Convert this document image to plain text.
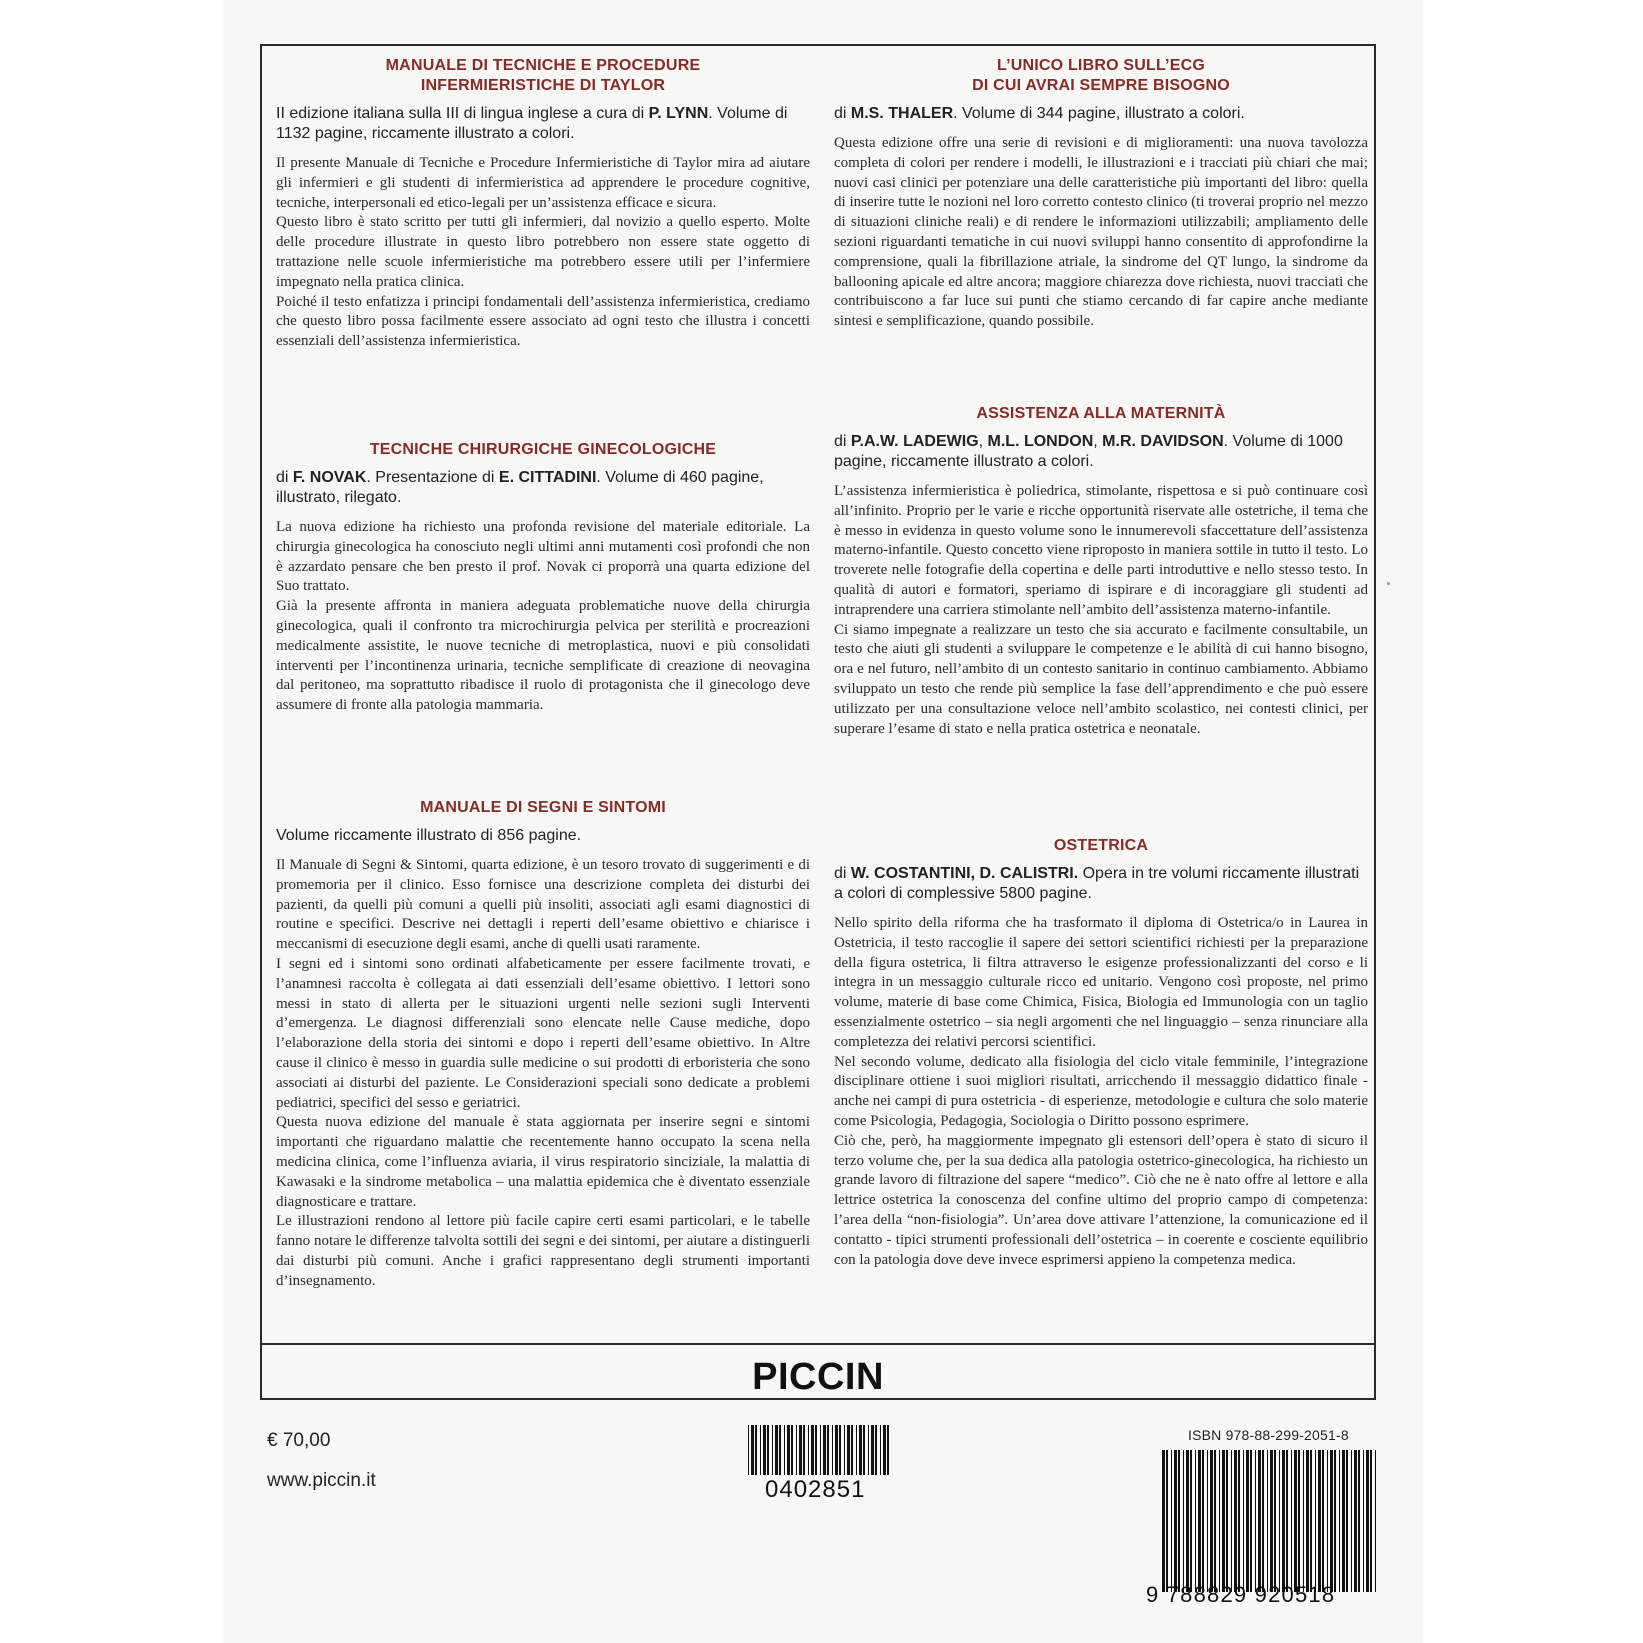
MANUALE DI TECNICHE E PROCEDURE
INFERMIERISTICHE DI TAYLOR
II edizione italiana sulla III di lingua inglese a cura di P. LYNN. Volume di 1132 pagine, riccamente illustrato a colori.

Il presente Manuale di Tecniche e Procedure Infermieristiche di Taylor mira ad aiutare gli infermieri e gli studenti di infermieristica ad apprendere le procedure cognitive, tecniche, interpersonali ed etico-legali per un’assistenza efficace e sicura.

Questo libro è stato scritto per tutti gli infermieri, dal novizio a quello esperto. Molte delle procedure illustrate in questo libro potrebbero non essere state oggetto di trattazione nelle scuole infermieristiche ma potrebbero essere utili per l’infermiere impegnato nella pratica clinica.

Poiché il testo enfatizza i principi fondamentali dell’assistenza infermieristica, crediamo che questo libro possa facilmente essere associato ad ogni testo che illustra i concetti essenziali dell’assistenza infermieristica.

TECNICHE CHIRURGICHE GINECOLOGICHE
di F. NOVAK. Presentazione di E. CITTADINI. Volume di 460 pagine, illustrato, rilegato.

La nuova edizione ha richiesto una profonda revisione del materiale editoriale. La chirurgia ginecologica ha conosciuto negli ultimi anni mutamenti così profondi che non è azzardato pensare che ben presto il prof. Novak ci proporrà una quarta edizione del Suo trattato.

Già la presente affronta in maniera adeguata problematiche nuove della chirurgia ginecologica, quali il confronto tra microchirurgia pelvica per sterilità e procreazioni medicalmente assistite, le nuove tecniche di metroplastica, nuovi e più consolidati interventi per l’incontinenza urinaria, tecniche semplificate di creazione di neovagina dal peritoneo, ma soprattutto ribadisce il ruolo di protagonista che il ginecologo deve assumere di fronte alla patologia mammaria.

MANUALE DI SEGNI E SINTOMI
Volume riccamente illustrato di 856 pagine.

Il Manuale di Segni & Sintomi, quarta edizione, è un tesoro trovato di suggerimenti e di promemoria per il clinico. Esso fornisce una descrizione completa dei disturbi dei pazienti, da quelli più comuni a quelli più insoliti, associati agli esami diagnostici di routine e specifici. Descrive nei dettagli i reperti dell’esame obiettivo e chiarisce i meccanismi di esecuzione degli esami, anche di quelli usati raramente.

I segni ed i sintomi sono ordinati alfabeticamente per essere facilmente trovati, e l’anamnesi raccolta è collegata ai dati essenziali dell’esame obiettivo. I lettori sono messi in stato di allerta per le situazioni urgenti nelle sezioni sugli Interventi d’emergenza. Le diagnosi differenziali sono elencate nelle Cause mediche, dopo l’elaborazione della storia dei sintomi e dopo i reperti dell’esame obiettivo. In Altre cause il clinico è messo in guardia sulle medicine o sui prodotti di erboristeria che sono associati ai disturbi del paziente. Le Considerazioni speciali sono dedicate a problemi pediatrici, specifici del sesso e geriatrici.

Questa nuova edizione del manuale è stata aggiornata per inserire segni e sintomi importanti che riguardano malattie che recentemente hanno occupato la scena nella medicina clinica, come l’influenza aviaria, il virus respiratorio sinciziale, la malattia di Kawasaki e la sindrome metabolica – una malattia epidemica che è diventato essenziale diagnosticare e trattare.

Le illustrazioni rendono al lettore più facile capire certi esami particolari, e le tabelle fanno notare le differenze talvolta sottili dei segni e dei sintomi, per aiutare a distinguerli dai disturbi più comuni. Anche i grafici rappresentano degli strumenti importanti d’insegnamento.

L’UNICO LIBRO SULL’ECG
DI CUI AVRAI SEMPRE BISOGNO
di M.S. THALER. Volume di 344 pagine, illustrato a colori.

Questa edizione offre una serie di revisioni e di miglioramenti: una nuova tavolozza completa di colori per rendere i modelli, le illustrazioni e i tracciati più chiari che mai; nuovi casi clinici per potenziare una delle caratteristiche più importanti del libro: quella di inserire tutte le nozioni nel loro corretto contesto clinico (ti troverai proprio nel mezzo di situazioni cliniche reali) e di rendere le informazioni utilizzabili; ampliamento delle sezioni riguardanti tematiche in cui nuovi sviluppi hanno consentito di approfondirne la comprensione, quali la fibrillazione atriale, la sindrome del QT lungo, la sindrome da ballooning apicale ed altre ancora; maggiore chiarezza dove richiesta, nuovi tracciati che contribuiscono a far luce sui punti che stiamo cercando di far capire anche mediante sintesi e semplificazione, quando possibile.

ASSISTENZA ALLA MATERNITÀ
di P.A.W. LADEWIG, M.L. LONDON, M.R. DAVIDSON. Volume di 1000 pagine, riccamente illustrato a colori.

L’assistenza infermieristica è poliedrica, stimolante, rispettosa e si può continuare così all’infinito. Proprio per le varie e ricche opportunità riservate alle ostetriche, il tema che è messo in evidenza in questo volume sono le innumerevoli sfaccettature dell’assistenza materno-infantile. Questo concetto viene riproposto in maniera sottile in tutto il testo. Lo troverete nelle fotografie della copertina e delle parti introduttive e nello stesso testo. In qualità di autori e formatori, speriamo di ispirare e di incoraggiare gli studenti ad intraprendere una carriera stimolante nell’ambito dell’assistenza materno-infantile.

Ci siamo impegnate a realizzare un testo che sia accurato e facilmente consultabile, un testo che aiuti gli studenti a sviluppare le competenze e le abilità di cui hanno bisogno, ora e nel futuro, nell’ambito di un contesto sanitario in continuo cambiamento. Abbiamo sviluppato un testo che rende più semplice la fase dell’apprendimento e che può essere utilizzato per una consultazione veloce nell’ambito scolastico, nei contesti clinici, per superare l’esame di stato e nella pratica ostetrica e neonatale.

OSTETRICA
di W. COSTANTINI, D. CALISTRI. Opera in tre volumi riccamente illustrati a colori di complessive 5800 pagine.

Nello spirito della riforma che ha trasformato il diploma di Ostetrica/o in Laurea in Ostetricia, il testo raccoglie il sapere dei settori scientifici richiesti per la preparazione della figura ostetrica, li filtra attraverso le esigenze professionalizzanti del corso e li integra in un messaggio culturale ricco ed unitario. Vengono così proposte, nel primo volume, materie di base come Chimica, Fisica, Biologia ed Immunologia con un taglio essenzialmente ostetrico – sia negli argomenti che nel linguaggio – senza rinunciare alla completezza dei relativi percorsi scientifici.

Nel secondo volume, dedicato alla fisiologia del ciclo vitale femminile, l’integrazione disciplinare ottiene i suoi migliori risultati, arricchendo il messaggio didattico finale - anche nei campi di pura ostetricia - di esperienze, metodologie e cultura che solo materie come Psicologia, Pedagogia, Sociologia o Diritto possono esprimere.

Ciò che, però, ha maggiormente impegnato gli estensori dell’opera è stato di sicuro il terzo volume che, per la sua dedica alla patologia ostetrico-ginecologica, ha richiesto un grande lavoro di filtrazione del sapere “medico”. Ciò che ne è nato offre al lettore e alla lettrice ostetrica la conoscenza del confine ultimo del proprio campo di competenza: l’area della “non-fisiologia”. Un’area dove attivare l’attenzione, la comunicazione ed il contatto - tipici strumenti professionali dell’ostetrica – in coerente e cosciente equilibrio con la patologia dove deve invece esprimersi appieno la competenza medica.

PICCIN
€ 70,00
www.piccin.it	0402851
ISBN 978-88-299-2051-8
9 788829 920518
